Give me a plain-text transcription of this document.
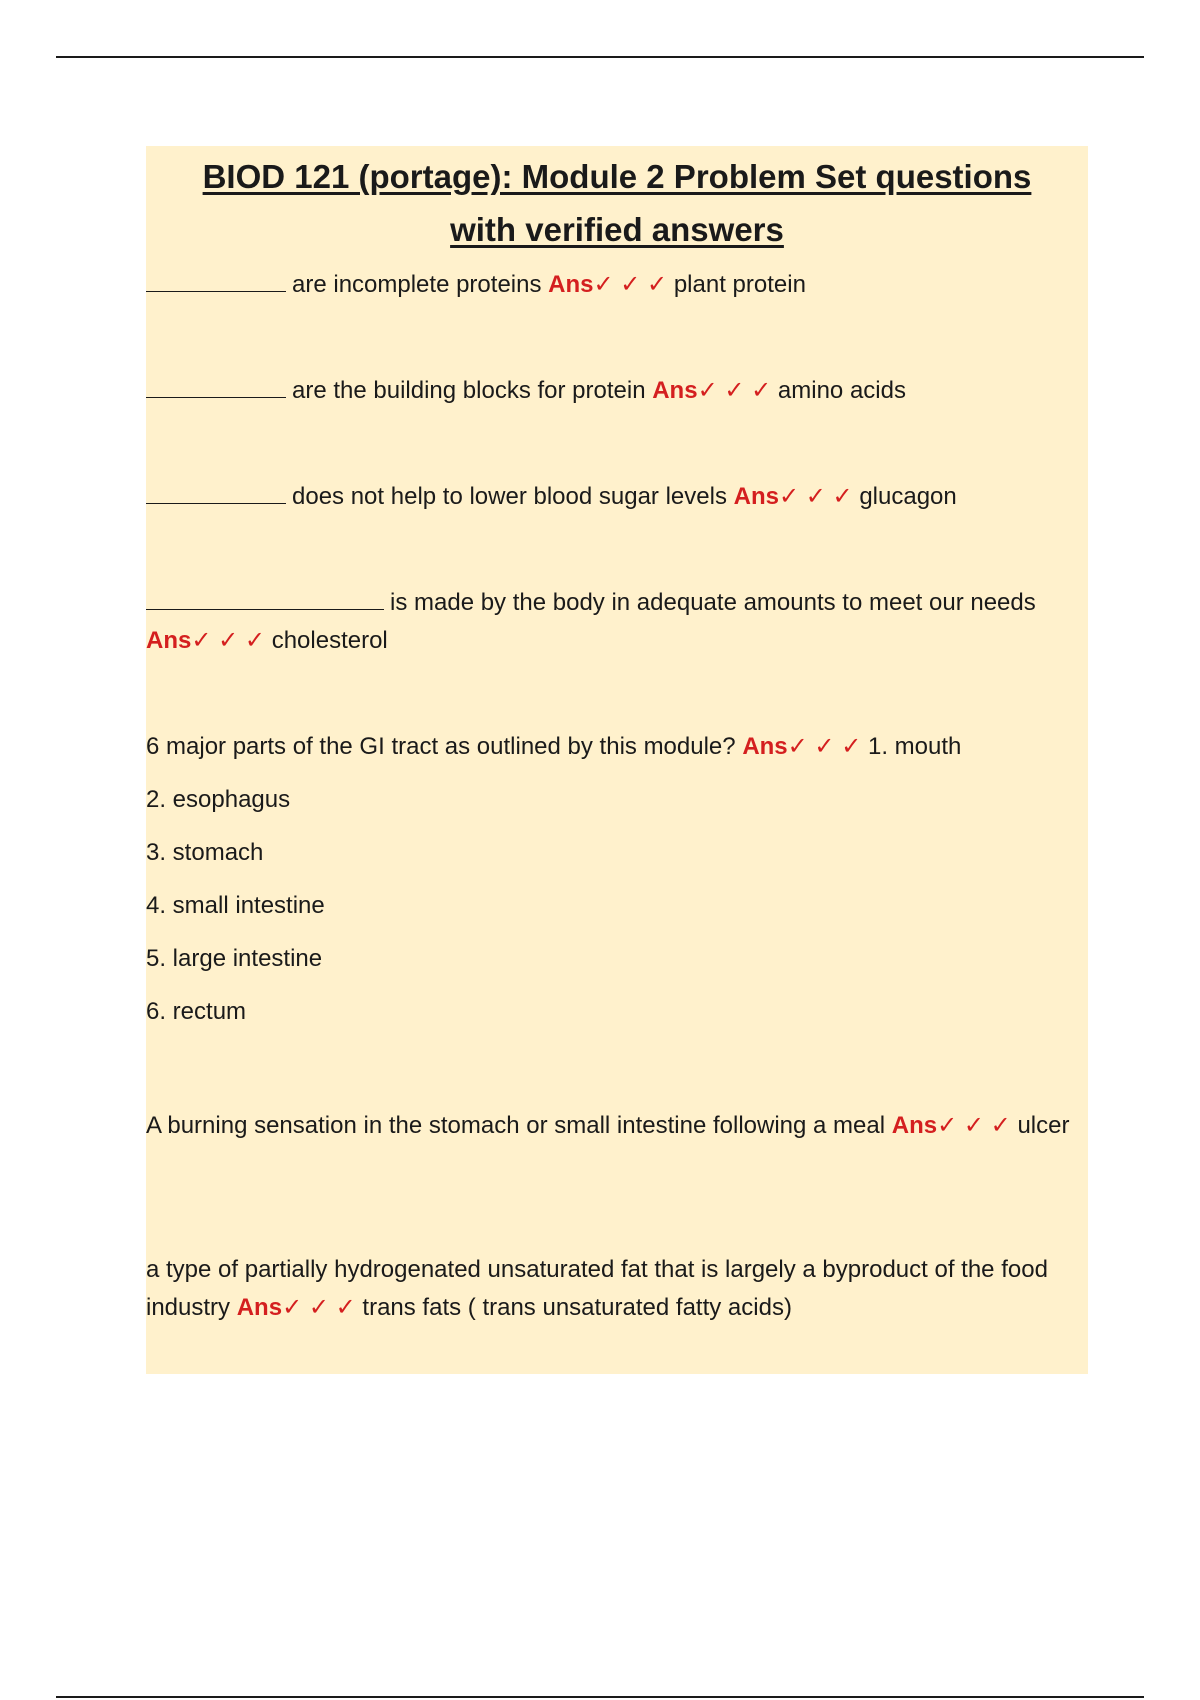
BIOD 121 (portage): Module 2 Problem Set questions with verified answers

are incomplete proteins Ans✓ ✓ ✓ plant protein

are the building blocks for protein Ans✓ ✓ ✓ amino acids

does not help to lower blood sugar levels Ans✓ ✓ ✓ glucagon

is made by the body in adequate amounts to meet our needs Ans✓ ✓ ✓ cholesterol

6 major parts of the GI tract as outlined by this module? Ans✓ ✓ ✓ 1. mouth

2. esophagus
3. stomach
4. small intestine
5. large intestine
6. rectum

A burning sensation in the stomach or small intestine following a meal Ans✓ ✓ ✓ ulcer

a type of partially hydrogenated unsaturated fat that is largely a byproduct of the food industry Ans✓ ✓ ✓ trans fats ( trans unsaturated fatty acids)
